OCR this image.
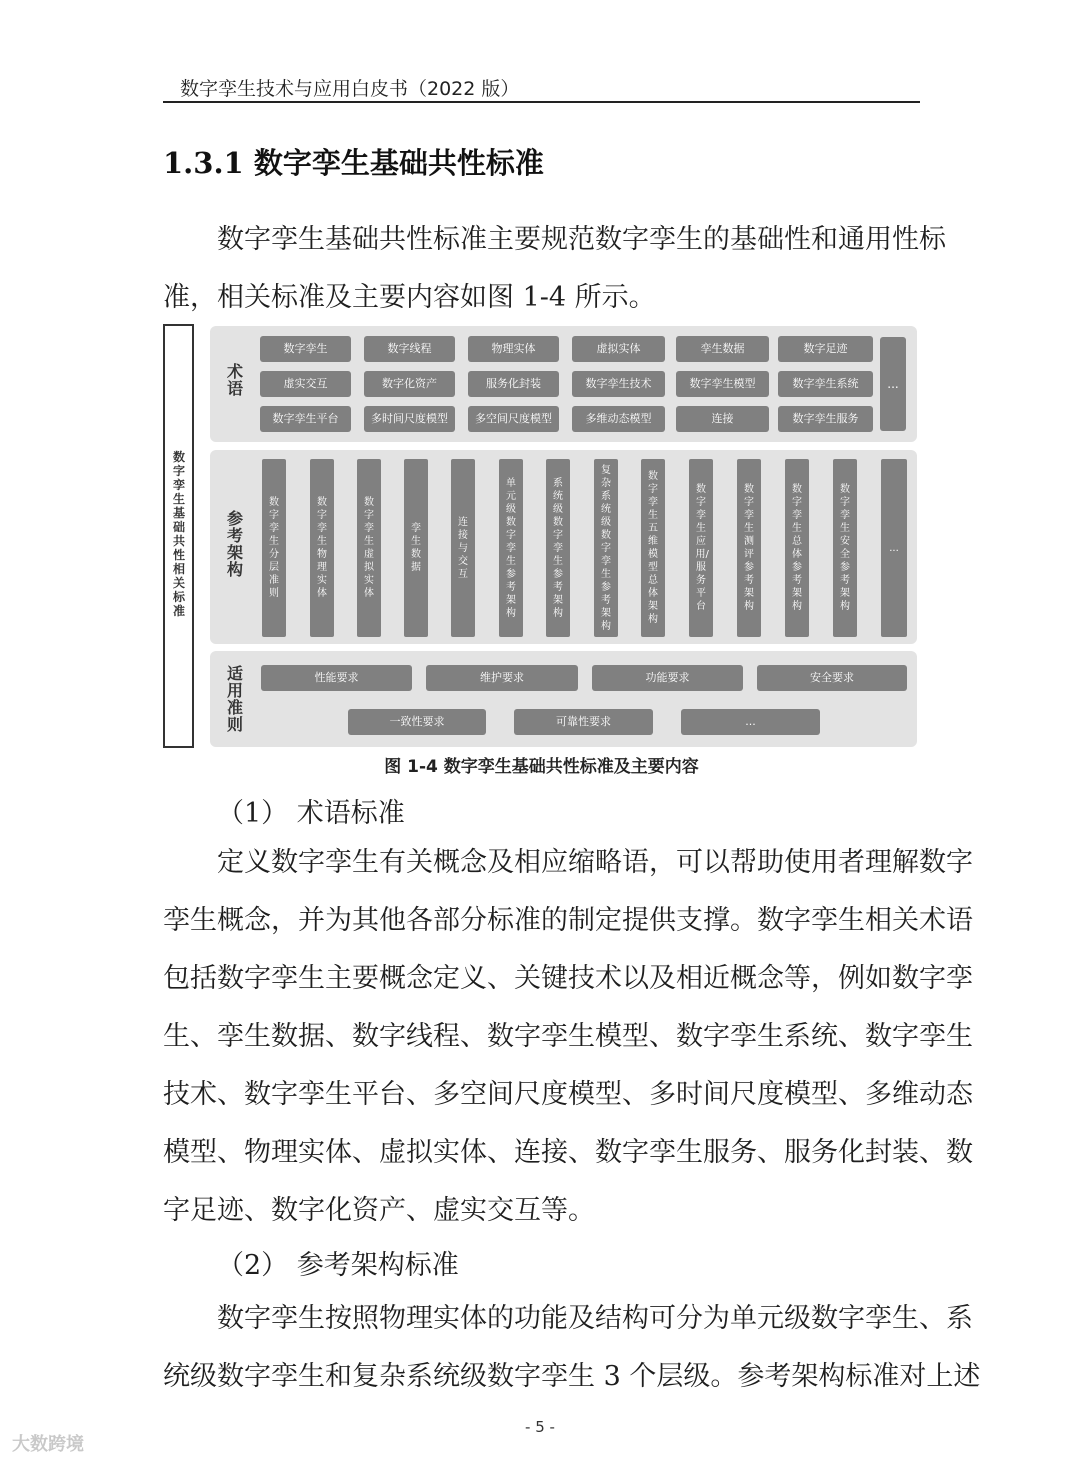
数字孪生技术与应用白皮书（2022 版）
1.3.1 数字孪生基础共性标准
数字孪生基础共性标准主要规范数字孪生的基础性和通用性标
准，相关标准及主要内容如图 1-4 所示。
数字孪生基础共性相关标准
术语
数字孪生	数字线程	物理实体	虚拟实体	孪生数据	数字足迹
虚实交互	数字化资产	服务化封装	数字孪生技术	数字孪生模型	数字孪生系统
数字孪生平台	多时间尺度模型	多空间尺度模型	多维动态模型	连接	数字孪生服务
...
参考架构
数字孪生分层准则
数字孪生物理实体
数字孪生虚拟实体
孪生数据
连接与交互
单元级数字孪生参考架构
系统级数字孪生参考架构
复杂系统级数字孪生参考架构
数字孪生五维模型总体架构
数字孪生应用/服务平台
数字孪生测评参考架构
数字孪生总体参考架构
数字孪生安全参考架构
...
适用准则
性能要求	维护要求	功能要求	安全要求
一致性要求	可靠性要求	...
图 1-4 数字孪生基础共性标准及主要内容
（1） 术语标准
定义数字孪生有关概念及相应缩略语，可以帮助使用者理解数字
孪生概念，并为其他各部分标准的制定提供支撑。数字孪生相关术语
包括数字孪生主要概念定义、关键技术以及相近概念等，例如数字孪
生、孪生数据、数字线程、数字孪生模型、数字孪生系统、数字孪生
技术、数字孪生平台、多空间尺度模型、多时间尺度模型、多维动态
模型、物理实体、虚拟实体、连接、数字孪生服务、服务化封装、数
字足迹、数字化资产、虚实交互等。
（2） 参考架构标准
数字孪生按照物理实体的功能及结构可分为单元级数字孪生、系
统级数字孪生和复杂系统级数字孪生 3 个层级。参考架构标准对上述
- 5 -
大数跨境
